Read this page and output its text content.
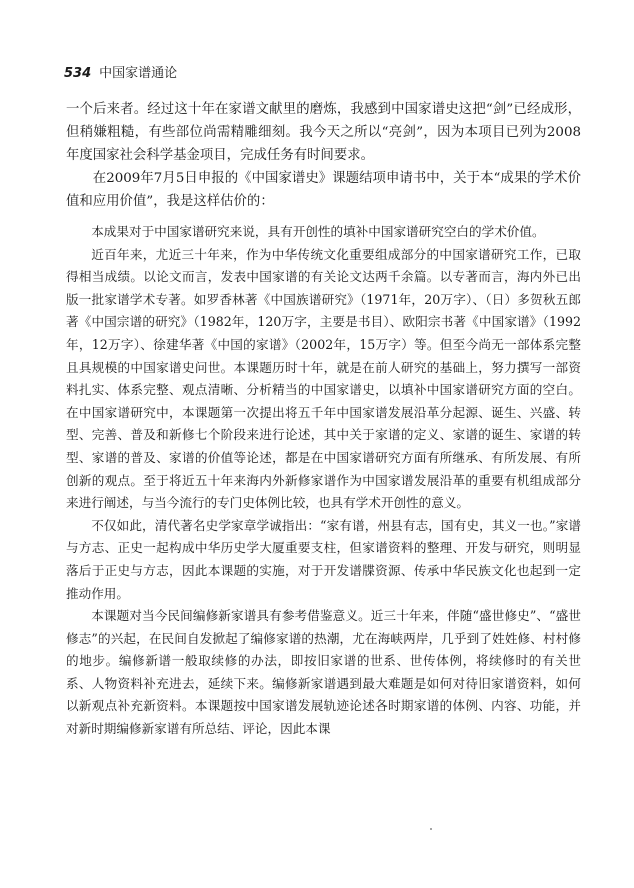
534 中国家谱通论

一个后来者。经过这十年在家谱文献里的磨炼，我感到中国家谱史这把“剑”已经成形，但稍嫌粗糙，有些部位尚需精雕细刻。我今天之所以“亮剑”，因为本项目已列为2008年度国家社会科学基金项目，完成任务有时间要求。

在2009年7月5日申报的《中国家谱史》课题结项申请书中，关于本“成果的学术价值和应用价值”，我是这样估价的：

本成果对于中国家谱研究来说，具有开创性的填补中国家谱研究空白的学术价值。

近百年来，尤近三十年来，作为中华传统文化重要组成部分的中国家谱研究工作，已取得相当成绩。以论文而言，发表中国家谱的有关论文达两千余篇。以专著而言，海内外已出版一批家谱学术专著。如罗香林著《中国族谱研究》（1971年，20万字）、（日）多贺秋五郎著《中国宗谱的研究》（1982年，120万字，主要是书目）、欧阳宗书著《中国家谱》（1992年，12万字）、徐建华著《中国的家谱》（2002年，15万字）等。但至今尚无一部体系完整且具规模的中国家谱史问世。本课题历时十年，就是在前人研究的基础上，努力撰写一部资料扎实、体系完整、观点清晰、分析精当的中国家谱史，以填补中国家谱研究方面的空白。在中国家谱研究中，本课题第一次提出将五千年中国家谱发展沿革分起源、诞生、兴盛、转型、完善、普及和新修七个阶段来进行论述，其中关于家谱的定义、家谱的诞生、家谱的转型、家谱的普及、家谱的价值等论述，都是在中国家谱研究方面有所继承、有所发展、有所创新的观点。至于将近五十年来海内外新修家谱作为中国家谱发展沿革的重要有机组成部分来进行阐述，与当今流行的专门史体例比较，也具有学术开创性的意义。

不仅如此，清代著名史学家章学诚指出：“家有谱，州县有志，国有史，其义一也。”家谱与方志、正史一起构成中华历史学大厦重要支柱，但家谱资料的整理、开发与研究，则明显落后于正史与方志，因此本课题的实施，对于开发谱牒资源、传承中华民族文化也起到一定推动作用。

本课题对当今民间编修新家谱具有参考借鉴意义。近三十年来，伴随“盛世修史”、“盛世修志”的兴起，在民间自发掀起了编修家谱的热潮，尤在海峡两岸，几乎到了姓姓修、村村修的地步。编修新谱一般取续修的办法，即按旧家谱的世系、世传体例，将续修时的有关世系、人物资料补充进去，延续下来。编修新家谱遇到最大难题是如何对待旧家谱资料，如何以新观点补充新资料。本课题按中国家谱发展轨迹论述各时期家谱的体例、内容、功能，并对新时期编修新家谱有所总结、评论，因此本课
